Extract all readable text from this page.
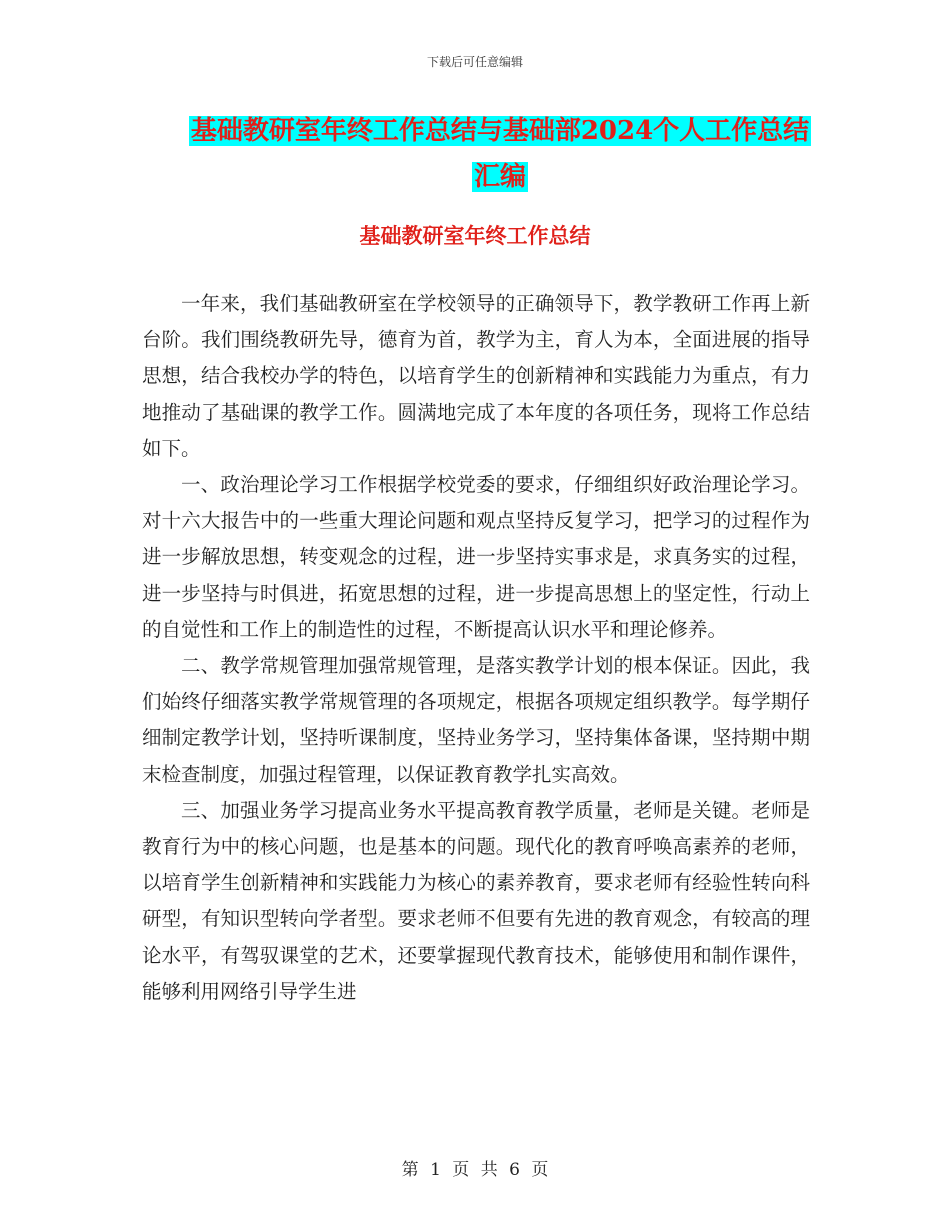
下载后可任意编辑
基础教研室年终工作总结与基础部2024个人工作总结
汇编
基础教研室年终工作总结

一年来，我们基础教研室在学校领导的正确领导下，教学教研工作再上新台阶。我们围绕教研先导，德育为首，教学为主，育人为本，全面进展的指导思想，结合我校办学的特色，以培育学生的创新精神和实践能力为重点，有力地推动了基础课的教学工作。圆满地完成了本年度的各项任务，现将工作总结如下。

一、政治理论学习工作根据学校党委的要求，仔细组织好政治理论学习。对十六大报告中的一些重大理论问题和观点坚持反复学习，把学习的过程作为进一步解放思想，转变观念的过程，进一步坚持实事求是，求真务实的过程，进一步坚持与时俱进，拓宽思想的过程，进一步提高思想上的坚定性，行动上的自觉性和工作上的制造性的过程，不断提高认识水平和理论修养。

二、教学常规管理加强常规管理，是落实教学计划的根本保证。因此，我们始终仔细落实教学常规管理的各项规定，根据各项规定组织教学。每学期仔细制定教学计划，坚持听课制度，坚持业务学习，坚持集体备课，坚持期中期末检查制度，加强过程管理，以保证教育教学扎实高效。

三、加强业务学习提高业务水平提高教育教学质量，老师是关键。老师是教育行为中的核心问题，也是基本的问题。现代化的教育呼唤高素养的老师，以培育学生创新精神和实践能力为核心的素养教育，要求老师有经验性转向科研型，有知识型转向学者型。要求老师不但要有先进的教育观念，有较高的理论水平，有驾驭课堂的艺术，还要掌握现代教育技术，能够使用和制作课件，能够利用网络引导学生进

第 1 页 共 6 页
